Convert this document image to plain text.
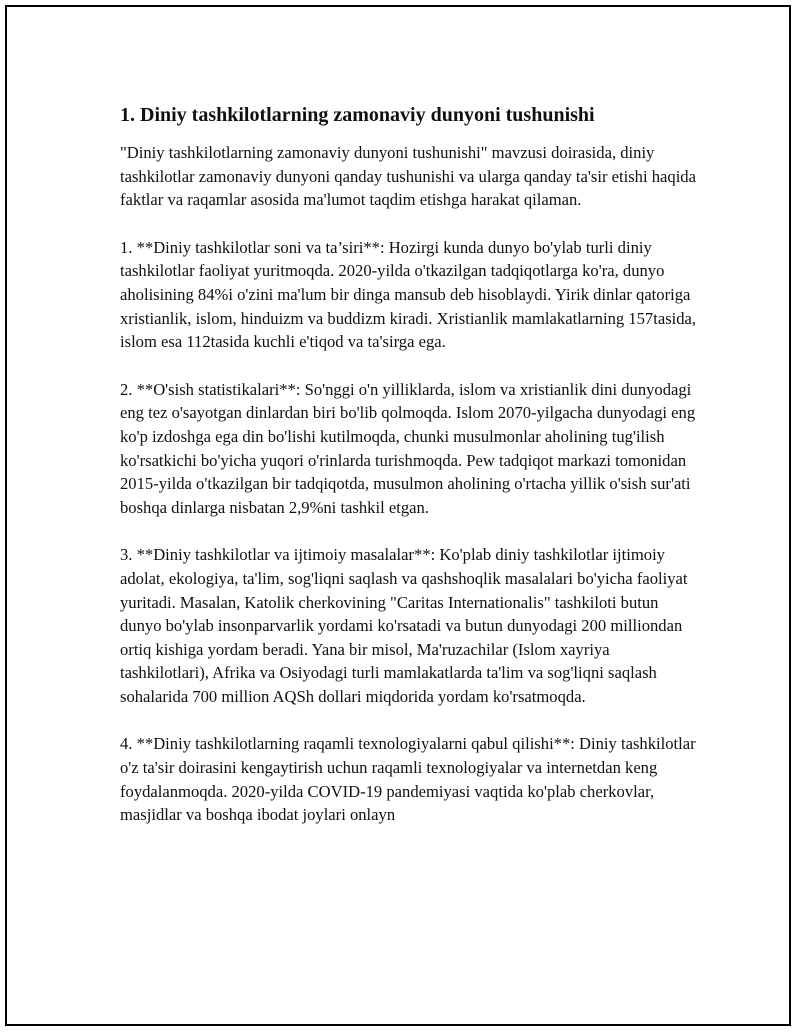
1. Diniy tashkilotlarning zamonaviy dunyoni tushunishi

"Diniy tashkilotlarning zamonaviy dunyoni tushunishi" mavzusi doirasida, diniy tashkilotlar zamonaviy dunyoni qanday tushunishi va ularga qanday ta'sir etishi haqida faktlar va raqamlar asosida ma'lumot taqdim etishga harakat qilaman.

1. **Diniy tashkilotlar soni va ta’siri**: Hozirgi kunda dunyo bo'ylab turli diniy tashkilotlar faoliyat yuritmoqda. 2020-yilda o'tkazilgan tadqiqotlarga ko'ra, dunyo aholisining 84%i o'zini ma'lum bir dinga mansub deb hisoblaydi. Yirik dinlar qatoriga xristianlik, islom, hinduizm va buddizm kiradi. Xristianlik mamlakatlarning 157tasida, islom esa 112tasida kuchli e'tiqod va ta'sirga ega.

2. **O'sish statistikalari**: So'nggi o'n yilliklarda, islom va xristianlik dini dunyodagi eng tez o'sayotgan dinlardan biri bo'lib qolmoqda. Islom 2070-yilgacha dunyodagi eng ko'p izdoshga ega din bo'lishi kutilmoqda, chunki musulmonlar aholining tug'ilish ko'rsatkichi bo'yicha yuqori o'rinlarda turishmoqda. Pew tadqiqot markazi tomonidan 2015-yilda o'tkazilgan bir tadqiqotda, musulmon aholining o'rtacha yillik o'sish sur'ati boshqa dinlarga nisbatan 2,9%ni tashkil etgan.

3. **Diniy tashkilotlar va ijtimoiy masalalar**: Ko'plab diniy tashkilotlar ijtimoiy adolat, ekologiya, ta'lim, sog'liqni saqlash va qashshoqlik masalalari bo'yicha faoliyat yuritadi. Masalan, Katolik cherkovining "Caritas Internationalis" tashkiloti butun dunyo bo'ylab insonparvarlik yordami ko'rsatadi va butun dunyodagi 200 milliondan ortiq kishiga yordam beradi. Yana bir misol, Ma'ruzachilar (Islom xayriya tashkilotlari), Afrika va Osiyodagi turli mamlakatlarda ta'lim va sog'liqni saqlash sohalarida 700 million AQSh dollari miqdorida yordam ko'rsatmoqda.

4. **Diniy tashkilotlarning raqamli texnologiyalarni qabul qilishi**: Diniy tashkilotlar o'z ta'sir doirasini kengaytirish uchun raqamli texnologiyalar va internetdan keng foydalanmoqda. 2020-yilda COVID-19 pandemiyasi vaqtida ko'plab cherkovlar, masjidlar va boshqa ibodat joylari onlayn
